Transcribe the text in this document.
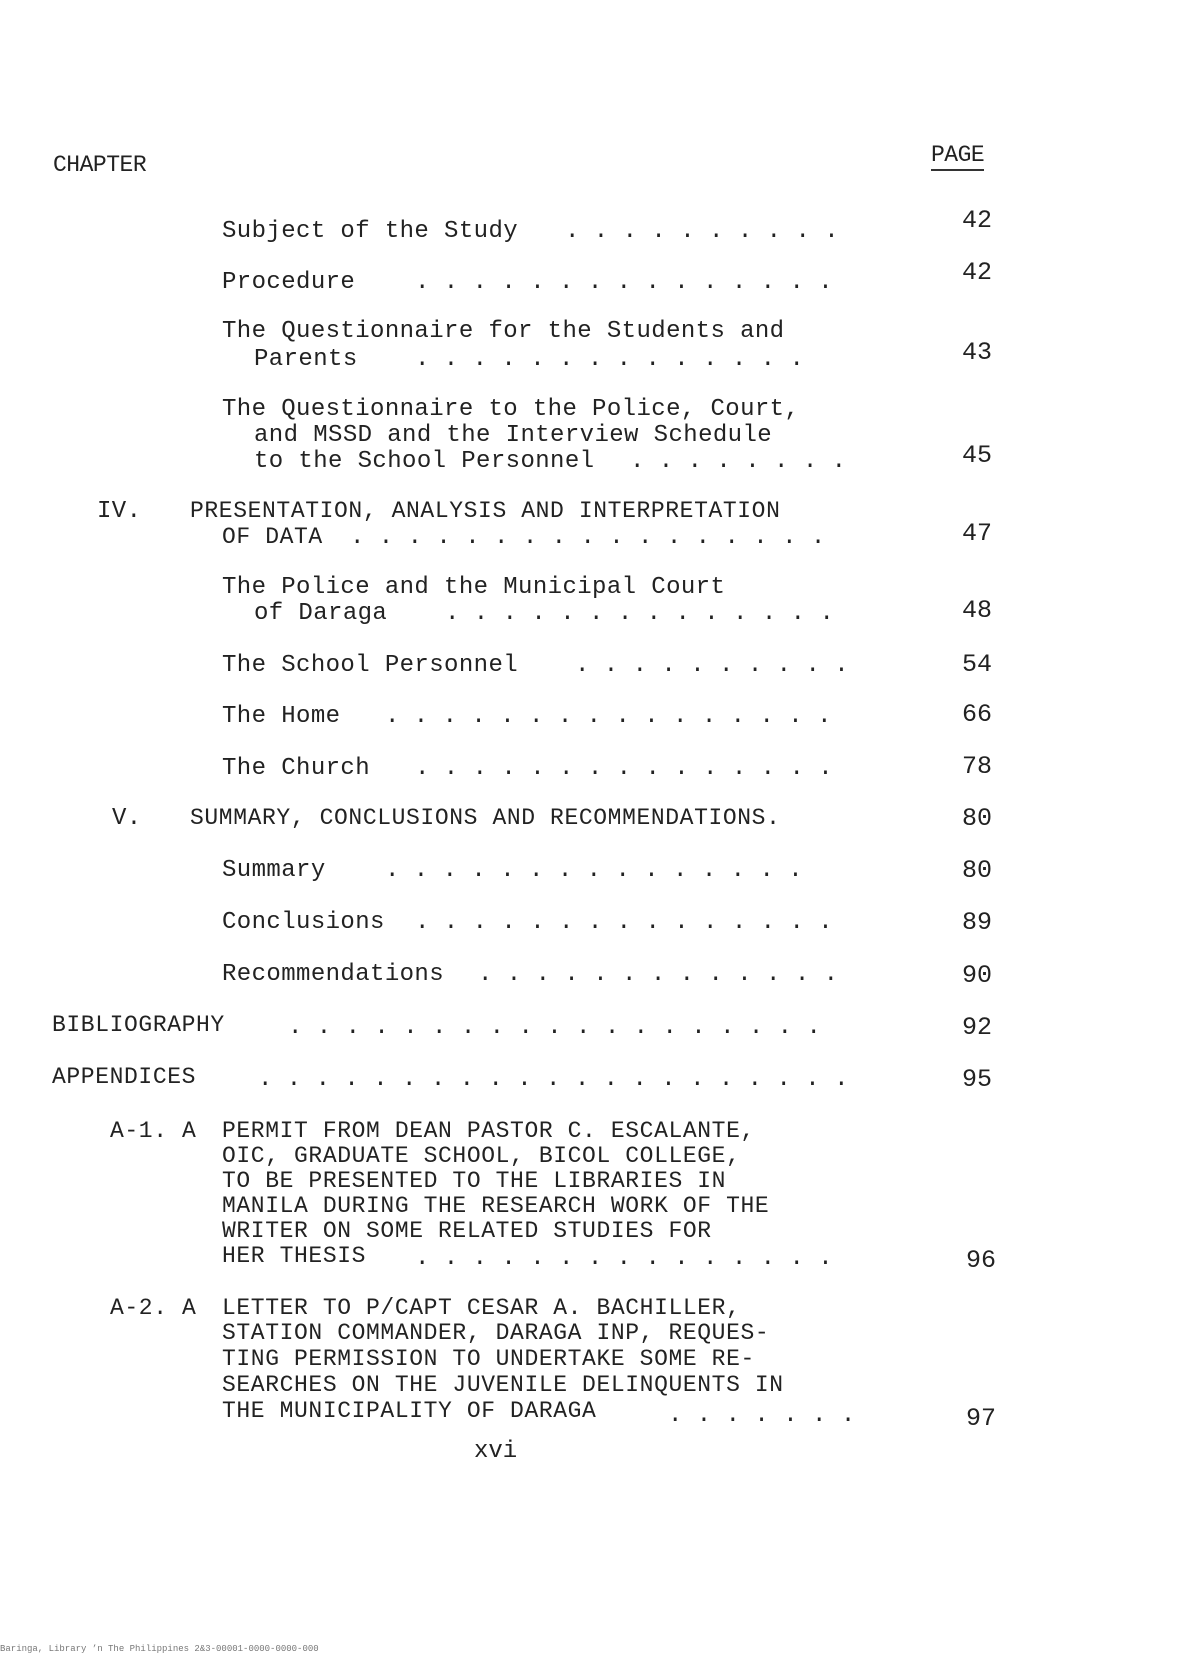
CHAPTER	PAGE
Subject of the Study . . . . . . . . . .	42
Procedure . . . . . . . . . . . . . . .	42
The Questionnaire for the Students and
Parents . . . . . . . . . . . . . .	43
The Questionnaire to the Police, Court,
and MSSD and the Interview Schedule
to the School Personnel . . . . . . . .	45
IV. PRESENTATION, ANALYSIS AND INTERPRETATION
OF DATA . . . . . . . . . . . . . . . . .	47
The Police and the Municipal Court
of Daraga . . . . . . . . . . . . . .	48
The School Personnel . . . . . . . . . .	54
The Home . . . . . . . . . . . . . . . .	66
The Church . . . . . . . . . . . . . . .	78
V. SUMMARY, CONCLUSIONS AND RECOMMENDATIONS.	80
Summary . . . . . . . . . . . . . . .	80
Conclusions . . . . . . . . . . . . . . .	89
Recommendations . . . . . . . . . . . . .	90
BIBLIOGRAPHY	. . . . . . . . . . . . . . . . . . .	92
APPENDICES	. . . . . . . . . . . . . . . . . . . . .	95
A-1. A PERMIT FROM DEAN PASTOR C. ESCALANTE,
OIC, GRADUATE SCHOOL, BICOL COLLEGE,
TO BE PRESENTED TO THE LIBRARIES IN
MANILA DURING THE RESEARCH WORK OF THE
WRITER ON SOME RELATED STUDIES FOR
HER THESIS . . . . . . . . . . . . . . .	96
A-2. A LETTER TO P/CAPT CESAR A. BACHILLER,
STATION COMMANDER, DARAGA INP, REQUES-
TING PERMISSION TO UNDERTAKE SOME RE-
SEARCHES ON THE JUVENILE DELINQUENTS IN
THE MUNICIPALITY OF DARAGA	. . . . . . .	97
xvi
Baringa, Library ’n The Philippines 2&3-00001-0000-0000-000
